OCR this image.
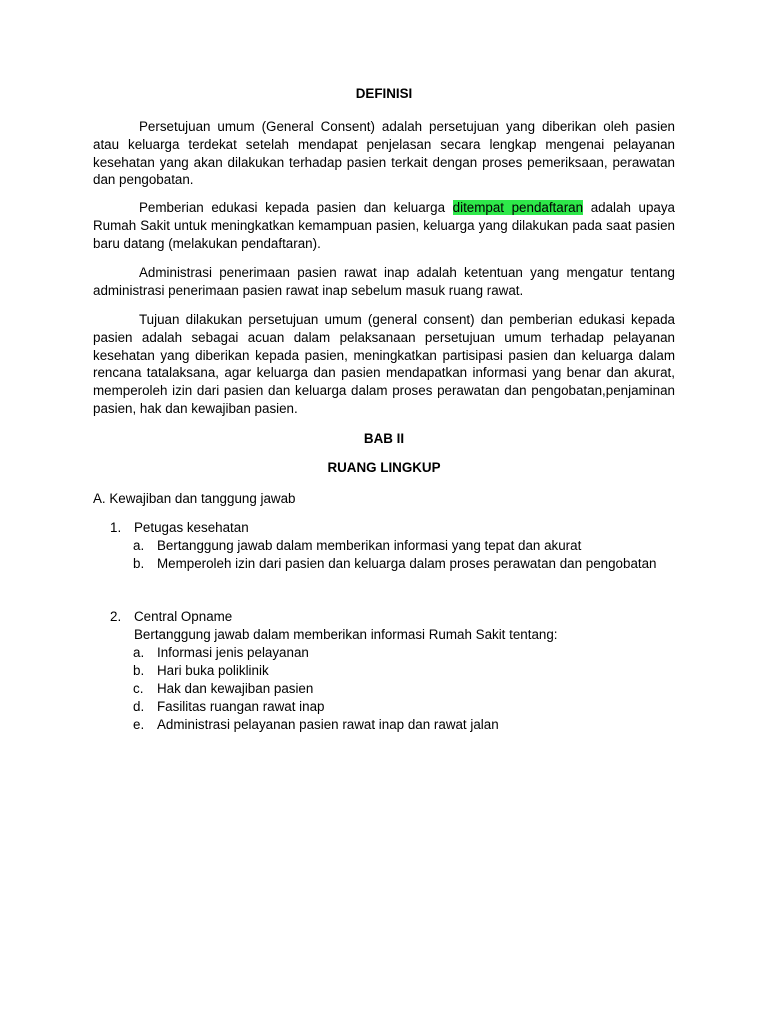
DEFINISI

Persetujuan umum (General Consent) adalah persetujuan yang diberikan oleh pasien atau keluarga terdekat setelah mendapat penjelasan secara lengkap mengenai pelayanan kesehatan yang akan dilakukan terhadap pasien terkait dengan proses pemeriksaan, perawatan dan pengobatan.

Pemberian edukasi kepada pasien dan keluarga ditempat pendaftaran adalah upaya Rumah Sakit untuk meningkatkan kemampuan pasien, keluarga yang dilakukan pada saat pasien baru datang (melakukan pendaftaran).

Administrasi penerimaan pasien rawat inap adalah ketentuan yang mengatur tentang administrasi penerimaan pasien rawat inap sebelum masuk ruang rawat.

Tujuan dilakukan persetujuan umum (general consent) dan pemberian edukasi kepada pasien adalah sebagai acuan dalam pelaksanaan persetujuan umum terhadap pelayanan kesehatan yang diberikan kepada pasien, meningkatkan partisipasi pasien dan keluarga dalam rencana tatalaksana, agar keluarga dan pasien mendapatkan informasi yang benar dan akurat, memperoleh izin dari pasien dan keluarga dalam proses perawatan dan pengobatan,penjaminan pasien, hak dan kewajiban pasien.

BAB II
RUANG LINGKUP
A. Kewajiban dan tanggung jawab
1. Petugas kesehatan
a. Bertanggung jawab dalam memberikan informasi yang tepat dan akurat
b. Memperoleh izin dari pasien dan keluarga dalam proses perawatan dan pengobatan

2. Central Opname
Bertanggung jawab dalam memberikan informasi Rumah Sakit tentang:
a. Informasi jenis pelayanan
b. Hari buka poliklinik
c. Hak dan kewajiban pasien
d. Fasilitas ruangan rawat inap
e. Administrasi pelayanan pasien rawat inap dan rawat jalan
